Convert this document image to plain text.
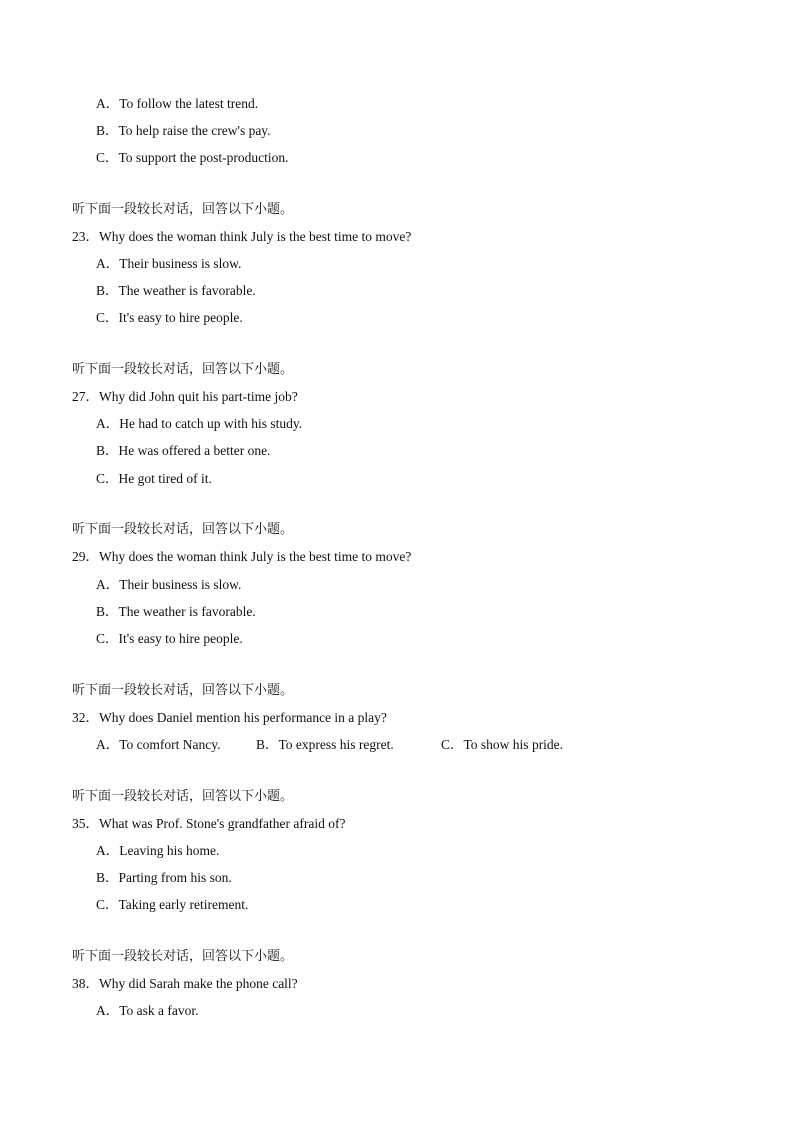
A．To follow the latest trend.
B．To help raise the crew's pay.
C．To support the post-production.
听下面一段较长对话，回答以下小题。
23．Why does the woman think July is the best time to move?
A．Their business is slow.
B．The weather is favorable.
C．It's easy to hire people.
听下面一段较长对话，回答以下小题。
27．Why did John quit his part-time job?
A．He had to catch up with his study.
B．He was offered a better one.
C．He got tired of it.
听下面一段较长对话，回答以下小题。
29．Why does the woman think July is the best time to move?
A．Their business is slow.
B．The weather is favorable.
C．It's easy to hire people.
听下面一段较长对话，回答以下小题。
32．Why does Daniel mention his performance in a play?
A．To comfort Nancy.	B．To express his regret.	C．To show his pride.
听下面一段较长对话，回答以下小题。
35．What was Prof. Stone's grandfather afraid of?
A．Leaving his home.
B．Parting from his son.
C．Taking early retirement.
听下面一段较长对话，回答以下小题。
38．Why did Sarah make the phone call?
A．To ask a favor.
